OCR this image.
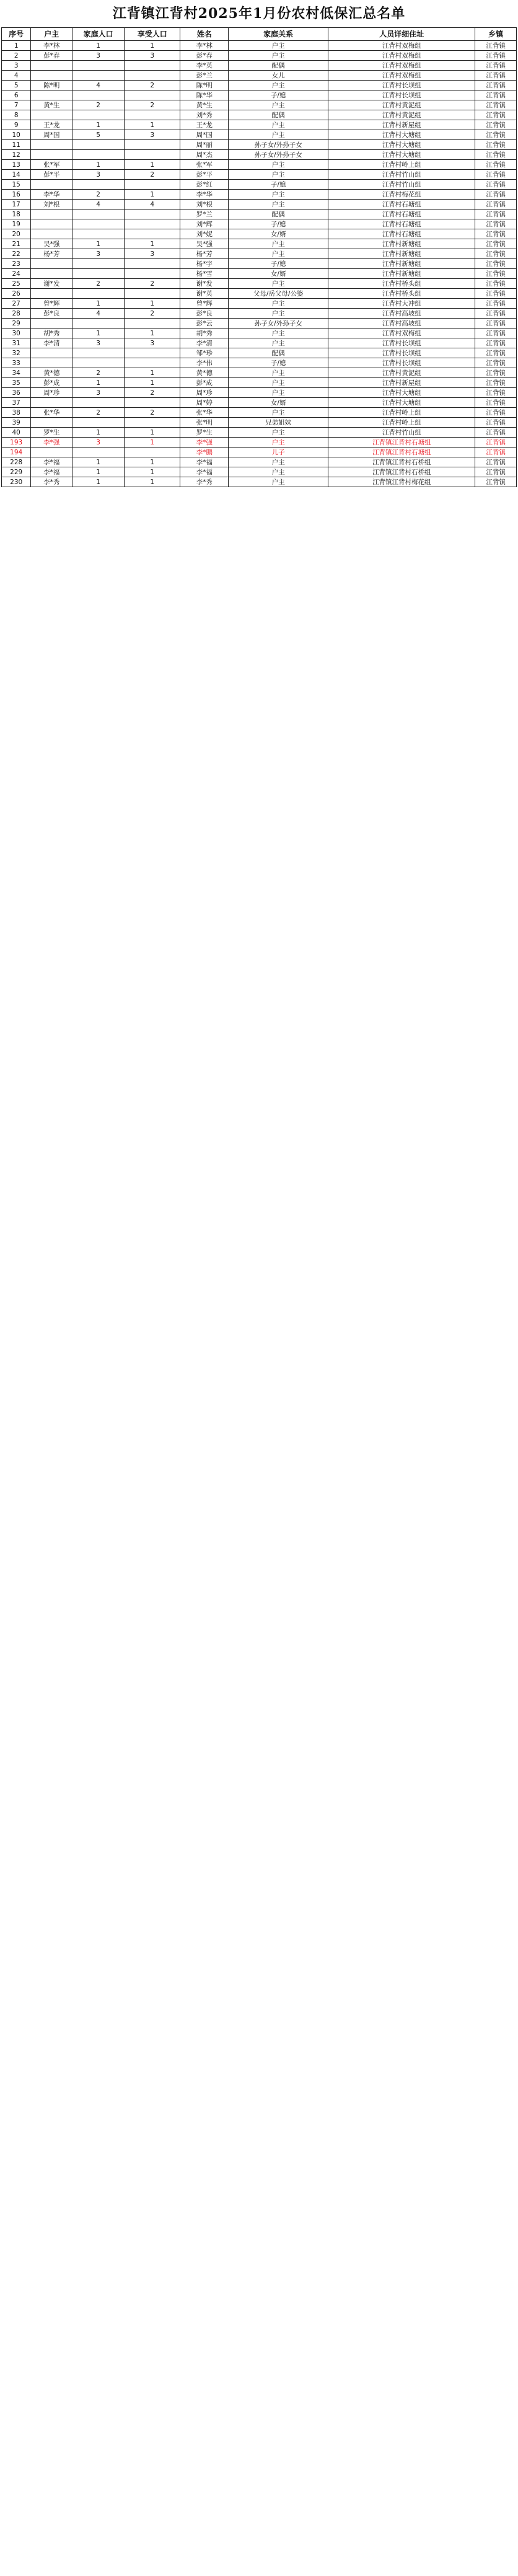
江背镇江背村2025年1月份农村低保汇总名单
序号	户主	家庭人口	享受人口	姓名	家庭关系	人员详细住址	乡镇
1	李*林	1	1	李*林	户主	江背村双梅组	江背镇
2	彭*春	3	3	彭*春	户主	江背村双梅组	江背镇
3				李*英	配偶	江背村双梅组	江背镇
4				彭*兰	女儿	江背村双梅组	江背镇
5	陈*明	4	2	陈*明	户主	江背村长坝组	江背镇
6				陈*华	子/媳	江背村长坝组	江背镇
7	黄*生	2	2	黄*生	户主	江背村黄泥组	江背镇
8				刘*秀	配偶	江背村黄泥组	江背镇
9	王*龙	1	1	王*龙	户主	江背村新屋组	江背镇
10	周*国	5	3	周*国	户主	江背村大塘组	江背镇
11				周*丽	孙子女/外孙子女	江背村大塘组	江背镇
12				周*杰	孙子女/外孙子女	江背村大塘组	江背镇
13	张*军	1	1	张*军	户主	江背村岭上组	江背镇
14	彭*平	3	2	彭*平	户主	江背村竹山组	江背镇
15				彭*红	子/媳	江背村竹山组	江背镇
16	李*华	2	1	李*华	户主	江背村梅花组	江背镇
17	刘*根	4	4	刘*根	户主	江背村石塘组	江背镇
18				罗*兰	配偶	江背村石塘组	江背镇
19				刘*辉	子/媳	江背村石塘组	江背镇
20				刘*妮	女/婿	江背村石塘组	江背镇
21	吴*强	1	1	吴*强	户主	江背村新塘组	江背镇
22	杨*芳	3	3	杨*芳	户主	江背村新塘组	江背镇
23				杨*宇	子/媳	江背村新塘组	江背镇
24				杨*雪	女/婿	江背村新塘组	江背镇
25	谢*发	2	2	谢*发	户主	江背村桥头组	江背镇
26				谢*英	父母/岳父母/公婆	江背村桥头组	江背镇
27	曾*辉	1	1	曾*辉	户主	江背村大冲组	江背镇
28	彭*良	4	2	彭*良	户主	江背村高坡组	江背镇
29				彭*云	孙子女/外孙子女	江背村高坡组	江背镇
30	胡*秀	1	1	胡*秀	户主	江背村双梅组	江背镇
31	李*清	3	3	李*清	户主	江背村长坝组	江背镇
32				邹*珍	配偶	江背村长坝组	江背镇
33				李*伟	子/媳	江背村长坝组	江背镇
34	黄*德	2	1	黄*德	户主	江背村黄泥组	江背镇
35	彭*成	1	1	彭*成	户主	江背村新屋组	江背镇
36	周*珍	3	2	周*珍	户主	江背村大塘组	江背镇
37				周*婷	女/婿	江背村大塘组	江背镇
38	张*华	2	2	张*华	户主	江背村岭上组	江背镇
39				张*明	兄弟姐妹	江背村岭上组	江背镇
40	罗*生	1	1	罗*生	户主	江背村竹山组	江背镇
193	李*强	3	1	李*强	户主	江背镇江背村石塘组	江背镇
194				李*鹏	儿子	江背镇江背村石塘组	江背镇
228	李*福	1	1	李*福	户主	江背镇江背村石桥组	江背镇
229	李*福	1	1	李*福	户主	江背镇江背村石桥组	江背镇
230	李*秀	1	1	李*秀	户主	江背镇江背村梅花组	江背镇
